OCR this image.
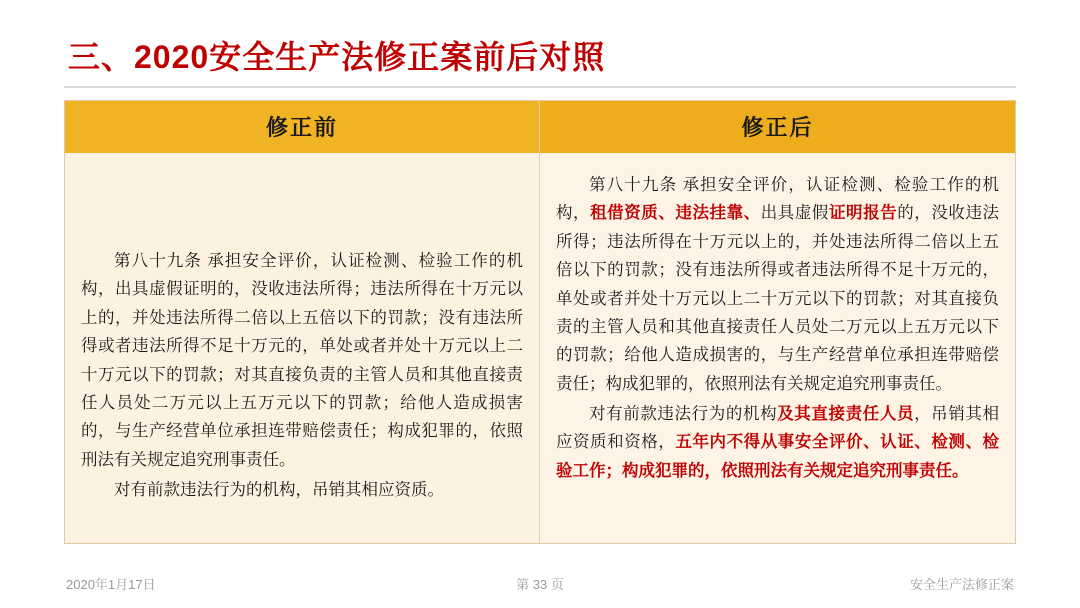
三、2020安全生产法修正案前后对照
修正前

第八十九条 承担安全评价，认证检测、检验工作的机构，出具虚假证明的，没收违法所得；违法所得在十万元以上的，并处违法所得二倍以上五倍以下的罚款；没有违法所得或者违法所得不足十万元的，单处或者并处十万元以上二十万元以下的罚款；对其直接负责的主管人员和其他直接责任人员处二万元以上五万元以下的罚款；给他人造成损害的，与生产经营单位承担连带赔偿责任；构成犯罪的，依照刑法有关规定追究刑事责任。

对有前款违法行为的机构，吊销其相应资质。

修正后

第八十九条 承担安全评价，认证检测、检验工作的机构，租借资质、违法挂靠、出具虚假证明报告的，没收违法所得；违法所得在十万元以上的，并处违法所得二倍以上五倍以下的罚款；没有违法所得或者违法所得不足十万元的，单处或者并处十万元以上二十万元以下的罚款；对其直接负责的主管人员和其他直接责任人员处二万元以上五万元以下的罚款；给他人造成损害的，与生产经营单位承担连带赔偿责任；构成犯罪的，依照刑法有关规定追究刑事责任。

对有前款违法行为的机构及其直接责任人员，吊销其相应资质和资格，五年内不得从事安全评价、认证、检测、检验工作；构成犯罪的，依照刑法有关规定追究刑事责任。

2020年1月17日	第 33 页	安全生产法修正案
